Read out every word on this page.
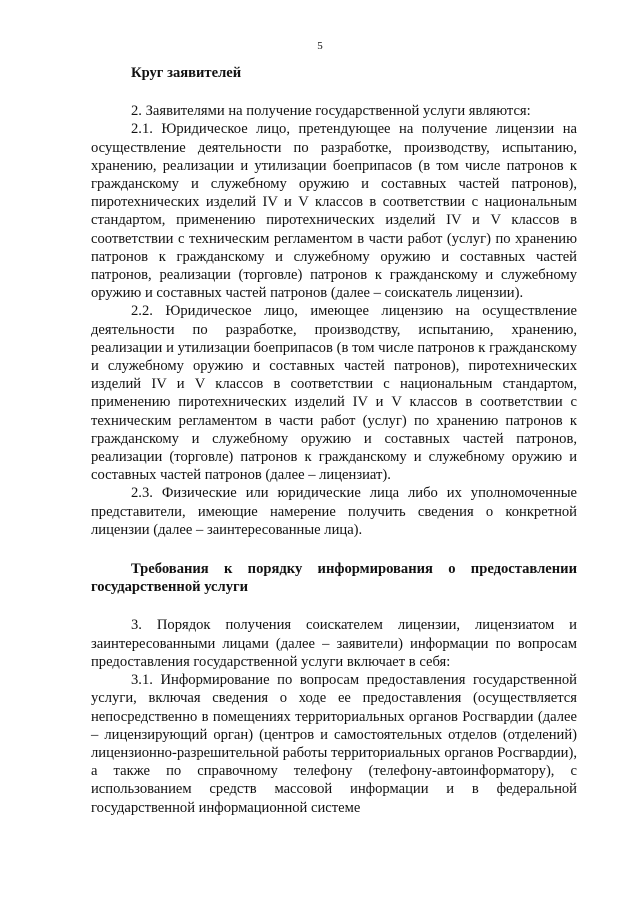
5

Круг заявителей

2. Заявителями на получение государственной услуги являются:

2.1. Юридическое лицо, претендующее на получение лицензии на осуществление деятельности по разработке, производству, испытанию, хранению, реализации и утилизации боеприпасов (в том числе патронов к гражданскому и служебному оружию и составных частей патронов), пиротехнических изделий IV и V классов в соответствии с национальным стандартом, применению пиротехнических изделий IV и V классов в соответствии с техническим регламентом в части работ (услуг) по хранению патронов к гражданскому и служебному оружию и составных частей патронов, реализации (торговле) патронов к гражданскому и служебному оружию и составных частей патронов (далее – соискатель лицензии).

2.2. Юридическое лицо, имеющее лицензию на осуществление деятельности по разработке, производству, испытанию, хранению, реализации и утилизации боеприпасов (в том числе патронов к гражданскому и служебному оружию и составных частей патронов), пиротехнических изделий IV и V классов в соответствии с национальным стандартом, применению пиротехнических изделий IV и V классов в соответствии с техническим регламентом в части работ (услуг) по хранению патронов к гражданскому и служебному оружию и составных частей патронов, реализации (торговле) патронов к гражданскому и служебному оружию и составных частей патронов (далее – лицензиат).

2.3. Физические или юридические лица либо их уполномоченные представители, имеющие намерение получить сведения о конкретной лицензии (далее – заинтересованные лица).

Требования к порядку информирования о предоставлении государственной услуги

3. Порядок получения соискателем лицензии, лицензиатом и заинтересованными лицами (далее – заявители) информации по вопросам предоставления государственной услуги включает в себя:

3.1. Информирование по вопросам предоставления государственной услуги, включая сведения о ходе ее предоставления (осуществляется непосредственно в помещениях территориальных органов Росгвардии (далее – лицензирующий орган) (центров и самостоятельных отделов (отделений) лицензионно-разрешительной работы территориальных органов Росгвардии), а также по справочному телефону (телефону-автоинформатору), с использованием средств массовой информации и в федеральной государственной информационной системе
